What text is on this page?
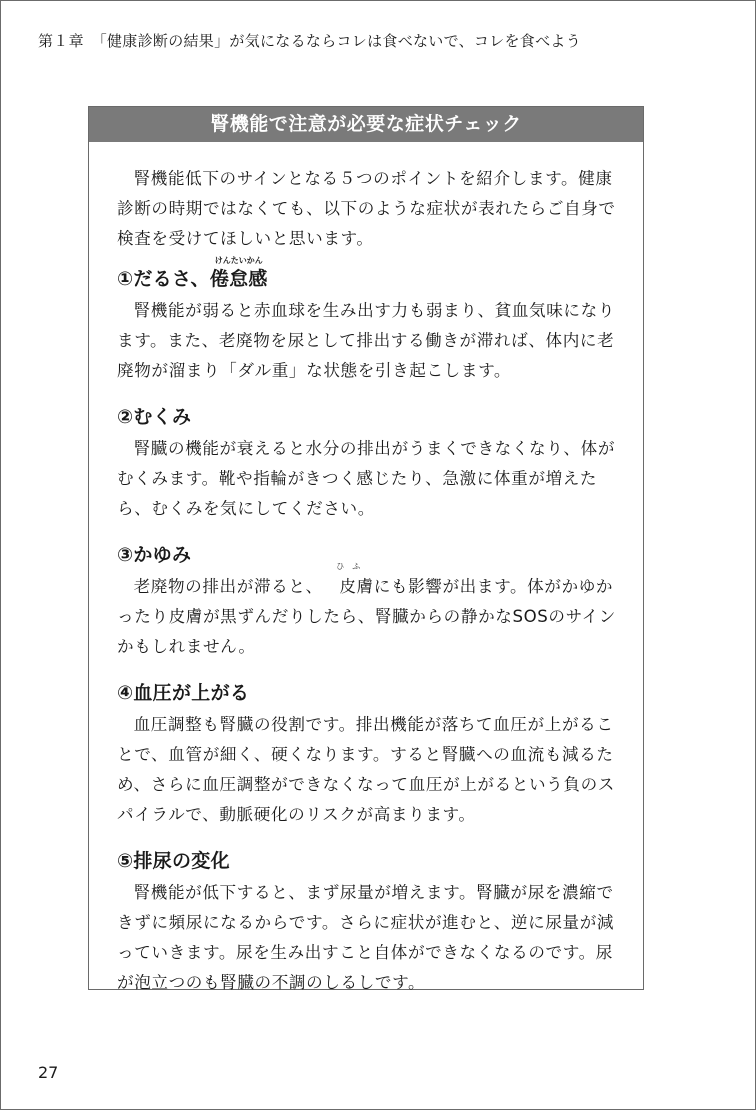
第１章　「健康診断の結果」が気になるならコレは食べないで、コレを食べよう
腎機能で注意が必要な症状チェック

腎機能低下のサインとなる５つのポイントを紹介します。健康診断の時期ではなくても、以下のような症状が表れたらご自身で検査を受けてほしいと思います。

①だるさ、
けんたいかん
倦怠感

腎機能が弱ると赤血球を生み出す力も弱まり、貧血気味になります。また、老廃物を尿として排出する働きが滞れば、体内に老廃物が溜まり「ダル重」な状態を引き起こします。

②むくみ

腎臓の機能が衰えると水分の排出がうまくできなくなり、体がむくみます。靴や指輪がきつく感じたり、急激に体重が増えたら、むくみを気にしてください。

③かゆみ

老廃物の排出が滞ると、
ひ　ふ
皮膚にも影響が出ます。体がかゆかったり皮膚が黒ずんだりしたら、腎臓からの静かなSOSのサインかもしれません。

④血圧が上がる

血圧調整も腎臓の役割です。排出機能が落ちて血圧が上がることで、血管が細く、硬くなります。すると腎臓への血流も減るため、さらに血圧調整ができなくなって血圧が上がるという負のスパイラルで、動脈硬化のリスクが高まります。

⑤排尿の変化

腎機能が低下すると、まず尿量が増えます。腎臓が尿を濃縮できずに頻尿になるからです。さらに症状が進むと、逆に尿量が減っていきます。尿を生み出すこと自体ができなくなるのです。尿が泡立つのも腎臓の不調のしるしです。

27
